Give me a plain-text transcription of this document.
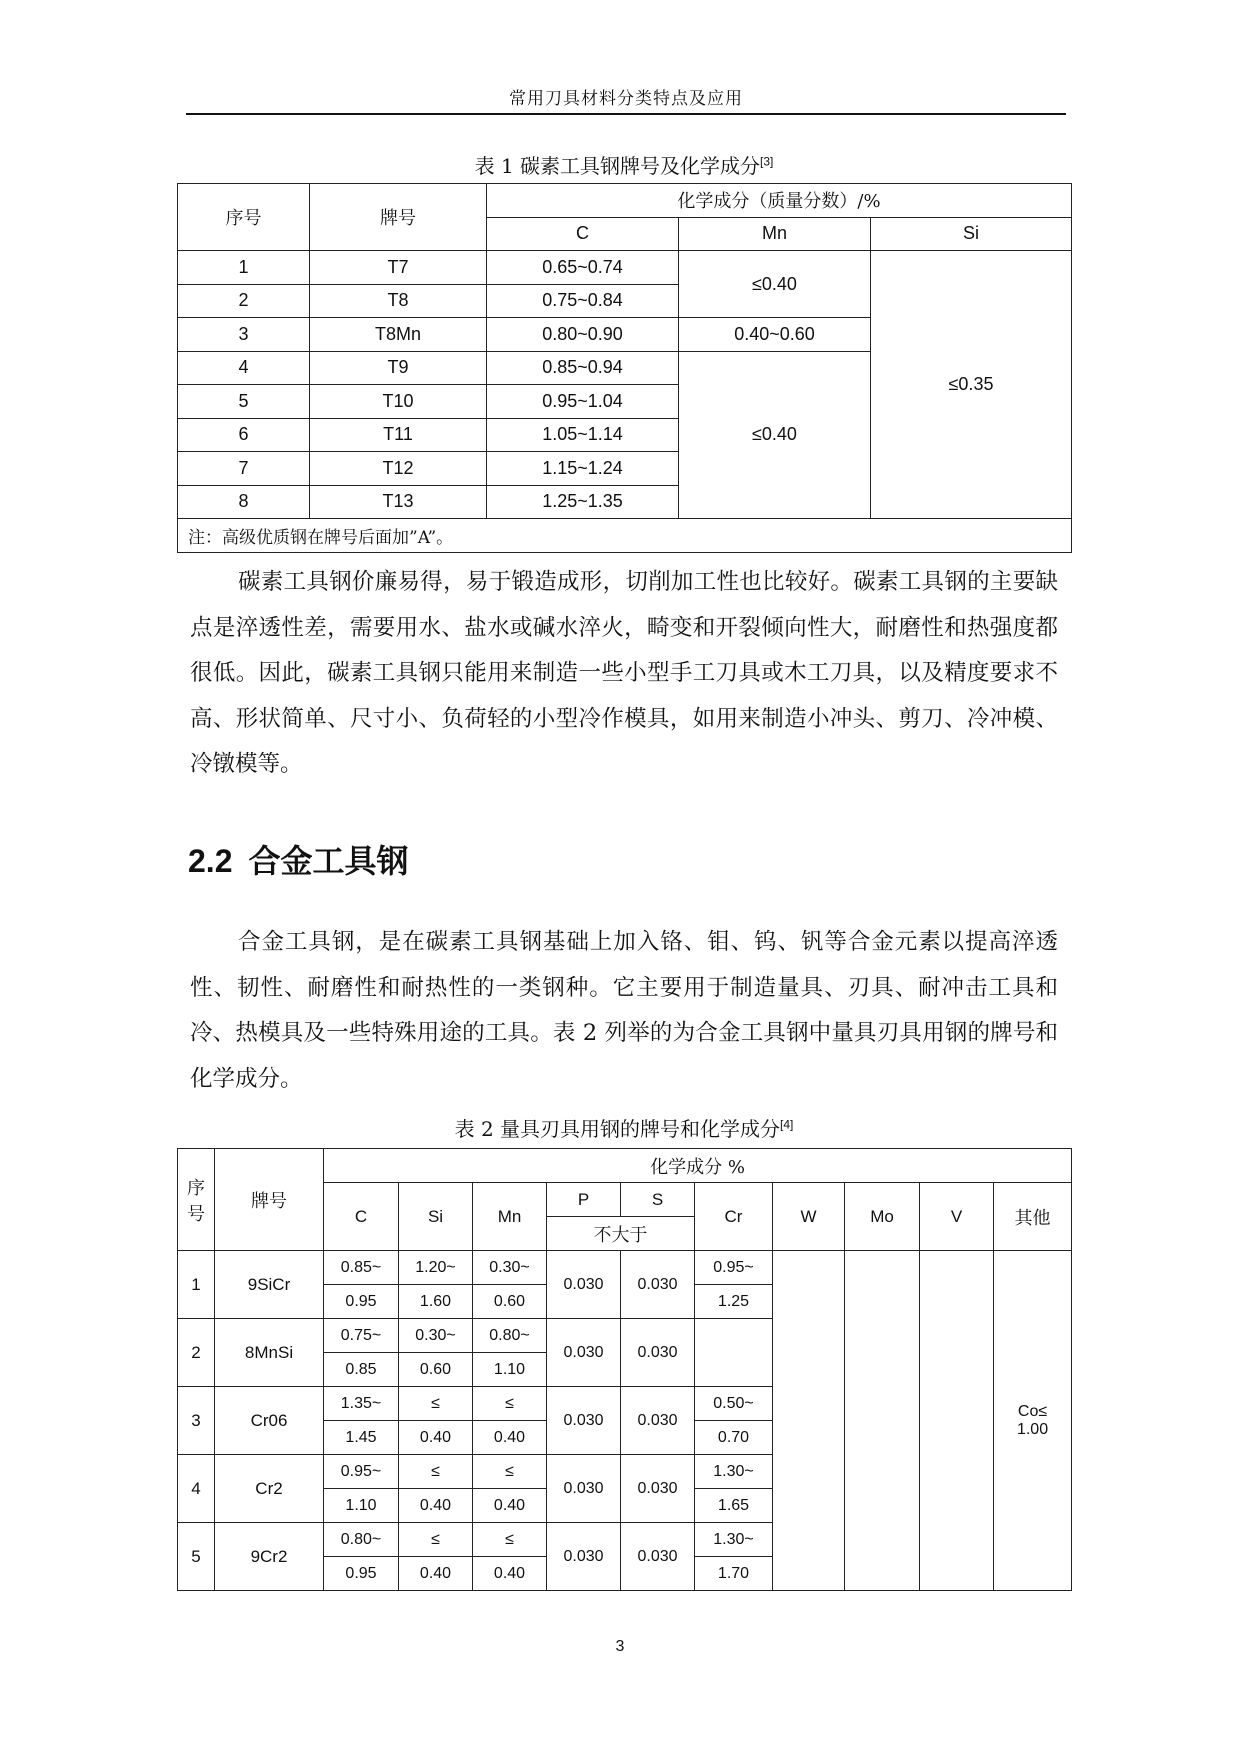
常用刀具材料分类特点及应用
表 1 碳素工具钢牌号及化学成分[3]
序号	牌号	化学成分（质量分数）/%		
		C	Mn	Si
1	T7	0.65~0.74	≤0.40	≤0.35
2	T8	0.75~0.84		
3	T8Mn	0.80~0.90	0.40~0.60	
4	T9	0.85~0.94	≤0.40	
5	T10	0.95~1.04		
6	T11	1.05~1.14		
7	T12	1.15~1.24		
8	T13	1.25~1.35		
注：高级优质钢在牌号后面加”A”。				

碳素工具钢价廉易得，易于锻造成形，切削加工性也比较好。碳素工具钢的主要缺点是淬透性差，需要用水、盐水或碱水淬火，畸变和开裂倾向性大，耐磨性和热强度都很低。因此，碳素工具钢只能用来制造一些小型手工刀具或木工刀具，以及精度要求不高、形状简单、尺寸小、负荷轻的小型冷作模具，如用来制造小冲头、剪刀、冷冲模、冷镦模等。

2.2 合金工具钢

合金工具钢，是在碳素工具钢基础上加入铬、钼、钨、钒等合金元素以提高淬透性、韧性、耐磨性和耐热性的一类钢种。它主要用于制造量具、刃具、耐冲击工具和冷、热模具及一些特殊用途的工具。表 2 列举的为合金工具钢中量具刃具用钢的牌号和化学成分。

表 2 量具刃具用钢的牌号和化学成分[4]
序
号	牌号	化学成分 %									
		C	Si	Mn	P	S	Cr	W	Mo	V	其他
					不大于						
1	9SiCr	0.85~	1.20~	0.30~	0.030	0.030	0.95~				Co≤
1.00
		0.95	1.60	0.60			1.25				
2	8MnSi	0.75~	0.30~	0.80~	0.030	0.030					
		0.85	0.60	1.10							
3	Cr06	1.35~	≤	≤	0.030	0.030	0.50~				
		1.45	0.40	0.40			0.70				
4	Cr2	0.95~	≤	≤	0.030	0.030	1.30~				
		1.10	0.40	0.40			1.65				
5	9Cr2	0.80~	≤	≤	0.030	0.030	1.30~				
		0.95	0.40	0.40			1.70				
3
